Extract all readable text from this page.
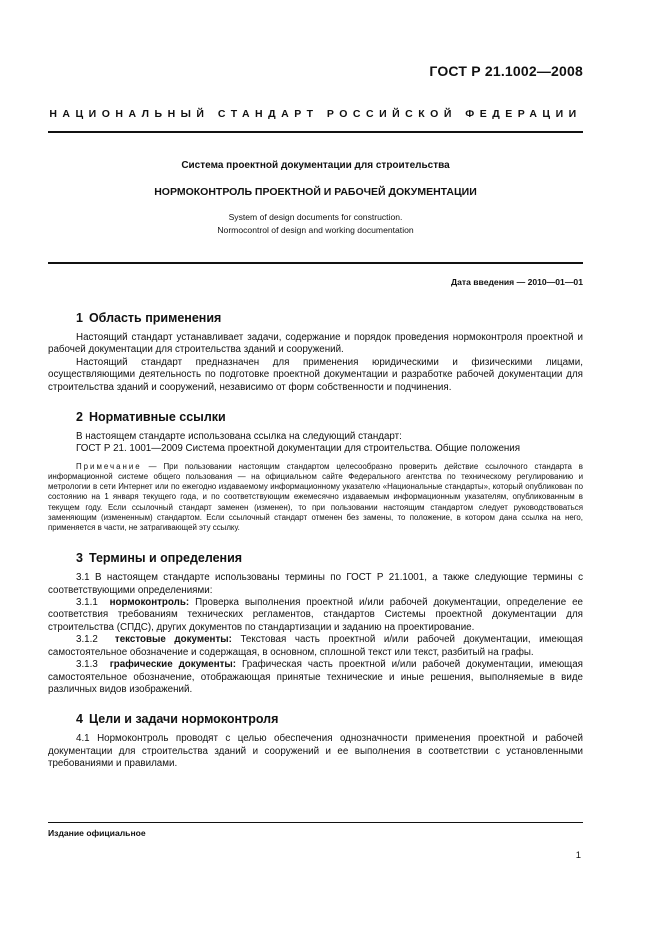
ГОСТ Р 21.1002—2008
НАЦИОНАЛЬНЫЙ СТАНДАРТ РОССИЙСКОЙ ФЕДЕРАЦИИ
Система проектной документации для строительства
НОРМОКОНТРОЛЬ ПРОЕКТНОЙ И РАБОЧЕЙ ДОКУМЕНТАЦИИ
System of design documents for construction.
Normocontrol of design and working documentation
Дата введения — 2010—01—01
1 Область применения

Настоящий стандарт устанавливает задачи, содержание и порядок проведения нормоконтроля проектной и рабочей документации для строительства зданий и сооружений.

Настоящий стандарт предназначен для применения юридическими и физическими лицами, осуществляющими деятельность по подготовке проектной документации и разработке рабочей документации для строительства зданий и сооружений, независимо от форм собственности и подчинения.

2 Нормативные ссылки

В настоящем стандарте использована ссылка на следующий стандарт:

ГОСТ Р 21. 1001—2009 Система проектной документации для строительства. Общие положения

Примечание — При пользовании настоящим стандартом целесообразно проверить действие ссылочного стандарта в информационной системе общего пользования — на официальном сайте Федерального агентства по техническому регулированию и метрологии в сети Интернет или по ежегодно издаваемому информационному указателю «Национальные стандарты», который опубликован по состоянию на 1 января текущего года, и по соответствующим ежемесячно издаваемым информационным указателям, опубликованным в текущем году. Если ссылочный стандарт заменен (изменен), то при пользовании настоящим стандартом следует руководствоваться заменяющим (измененным) стандартом. Если ссылочный стандарт отменен без замены, то положение, в котором дана ссылка на него, применяется в части, не затрагивающей эту ссылку.
3 Термины и определения

3.1 В настоящем стандарте использованы термины по ГОСТ Р 21.1001, а также следующие термины с соответствующими определениями:

3.1.1 нормоконтроль: Проверка выполнения проектной и/или рабочей документации, определение ее соответствия требованиям технических регламентов, стандартов Системы проектной документации для строительства (СПДС), других документов по стандартизации и заданию на проектирование.

3.1.2 текстовые документы: Текстовая часть проектной и/или рабочей документации, имеющая самостоятельное обозначение и содержащая, в основном, сплошной текст или текст, разбитый на графы.

3.1.3 графические документы: Графическая часть проектной и/или рабочей документации, имеющая самостоятельное обозначение, отображающая принятые технические и иные решения, выполняемые в виде различных видов изображений.

4 Цели и задачи нормоконтроля

4.1 Нормоконтроль проводят с целью обеспечения однозначности применения проектной и рабочей документации для строительства зданий и сооружений и ее выполнения в соответствии с установленными требованиями и правилами.

Издание официальное
1
